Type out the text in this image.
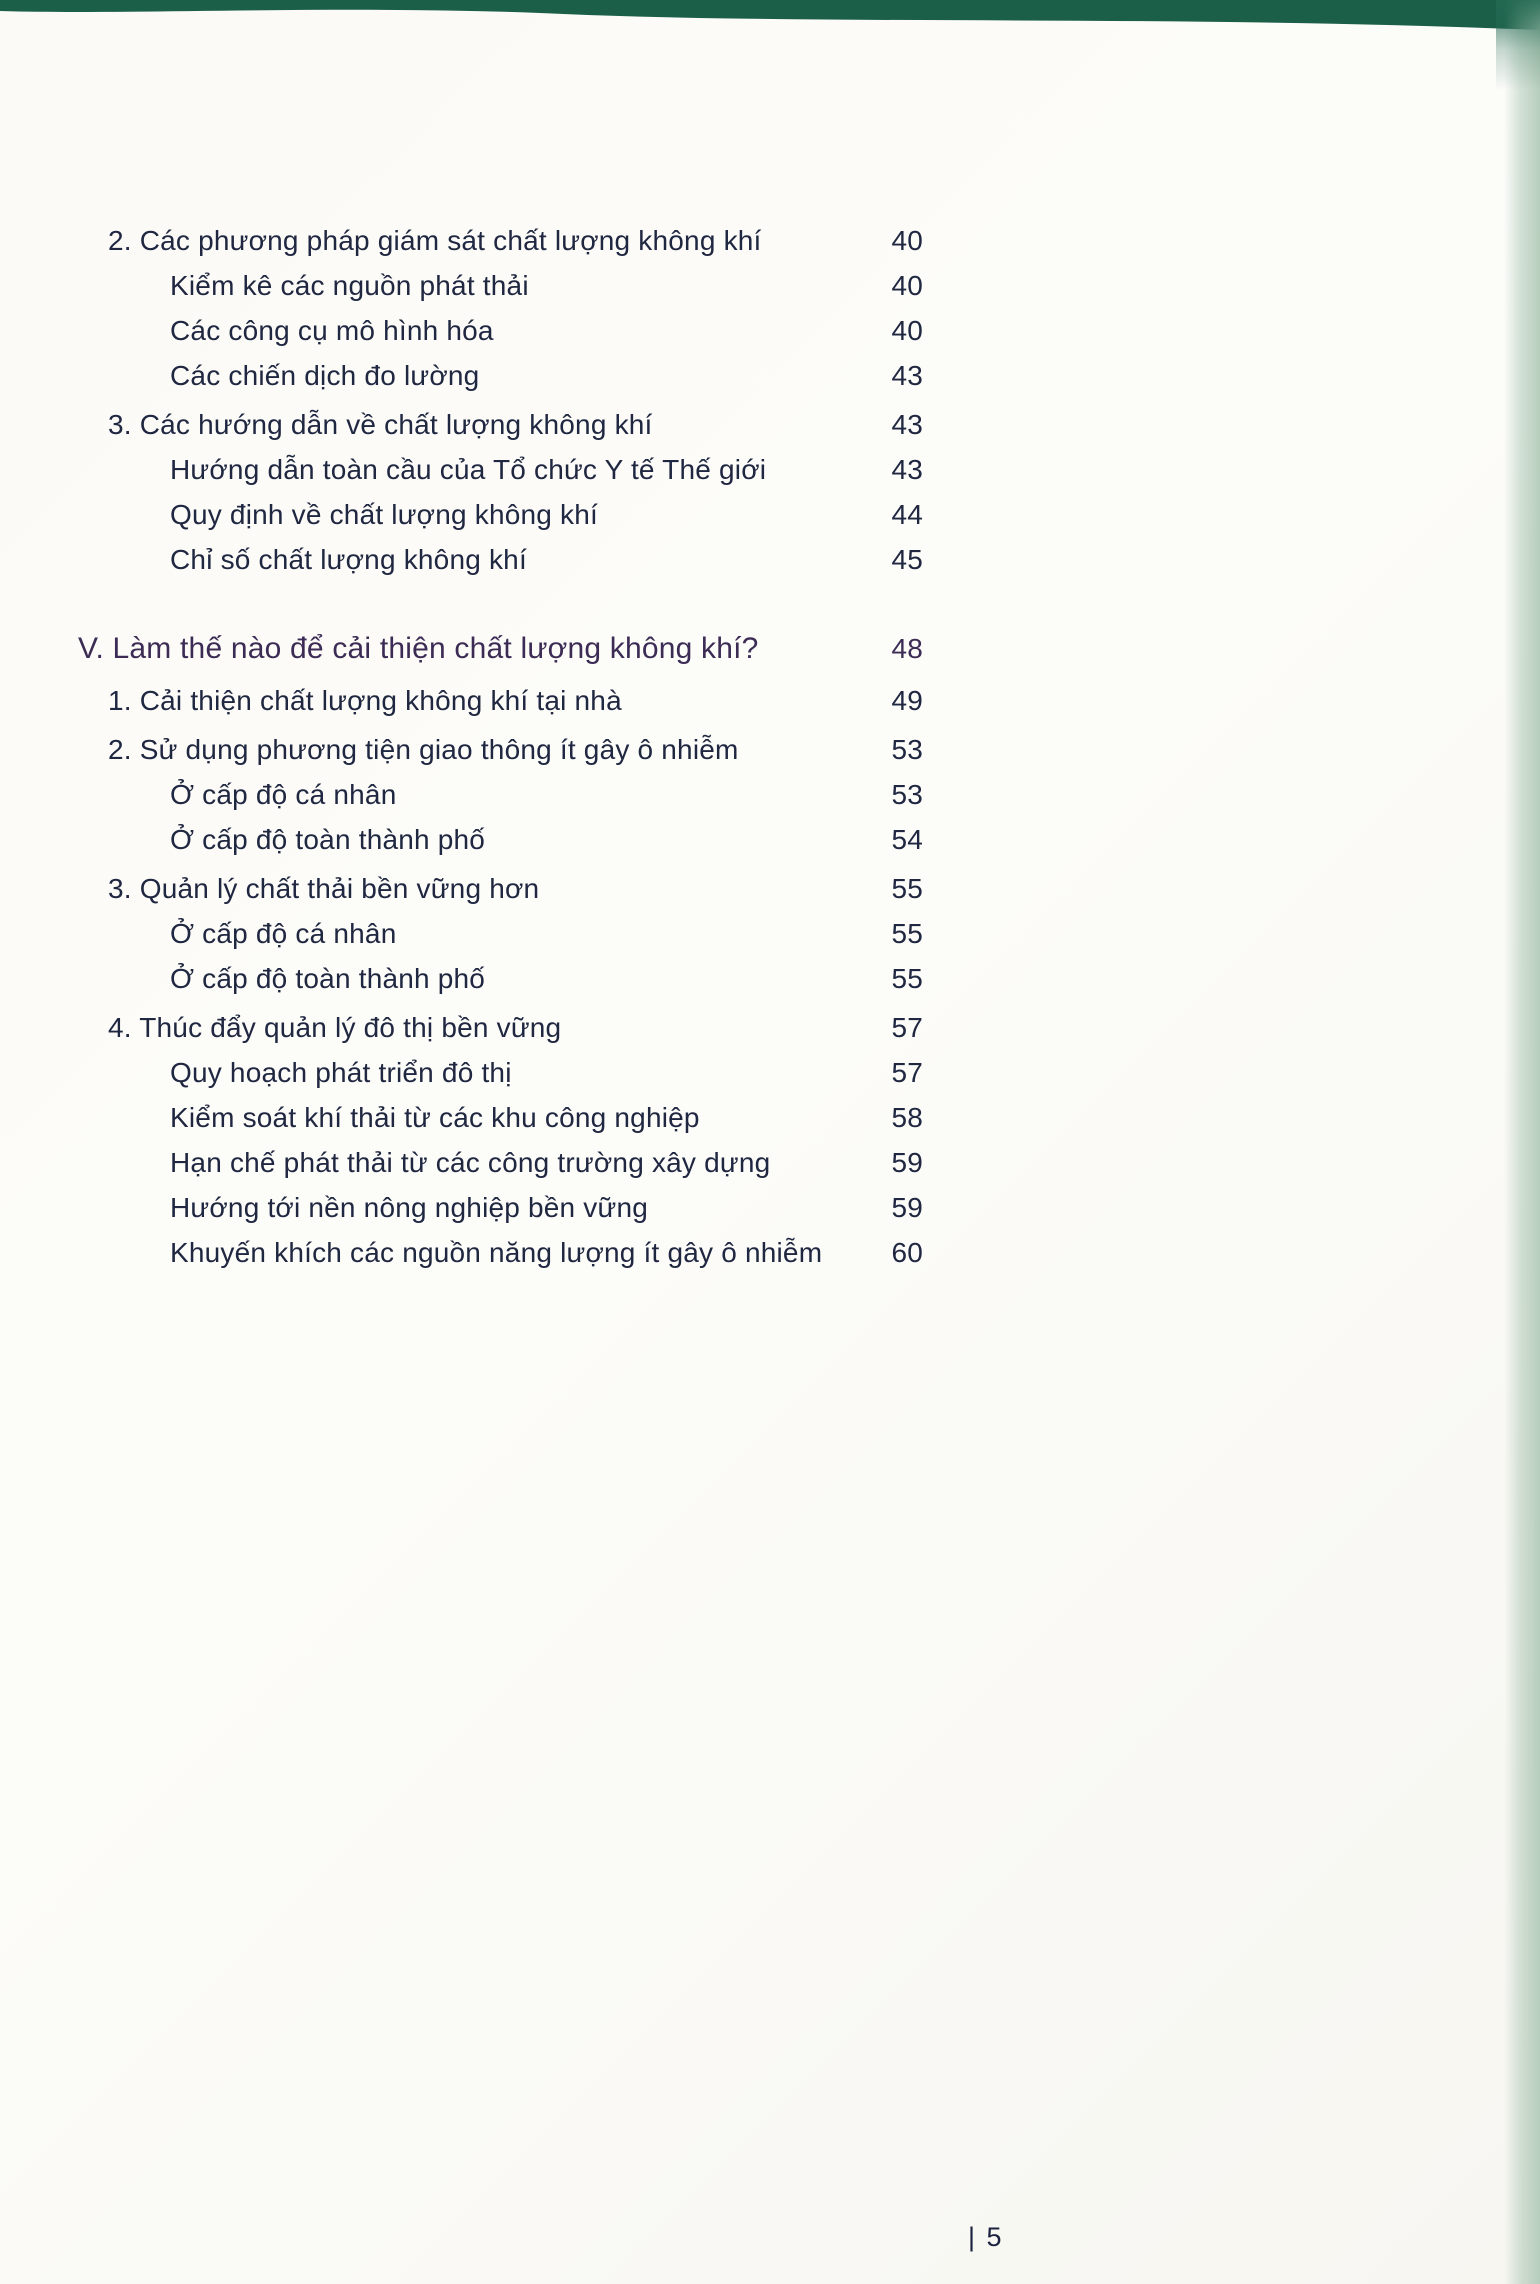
2. Các phương pháp giám sát chất lượng không khí	40
Kiểm kê các nguồn phát thải	40
Các công cụ mô hình hóa	40
Các chiến dịch đo lường	43
3. Các hướng dẫn về chất lượng không khí	43
Hướng dẫn toàn cầu của Tổ chức Y tế Thế giới	43
Quy định về chất lượng không khí	44
Chỉ số chất lượng không khí	45
V. Làm thế nào để cải thiện chất lượng không khí?	48
1. Cải thiện chất lượng không khí tại nhà	49
2. Sử dụng phương tiện giao thông ít gây ô nhiễm	53
Ở cấp độ cá nhân	53
Ở cấp độ toàn thành phố	54
3. Quản lý chất thải bền vững hơn	55
Ở cấp độ cá nhân	55
Ở cấp độ toàn thành phố	55
4. Thúc đẩy quản lý đô thị bền vững	57
Quy hoạch phát triển đô thị	57
Kiểm soát khí thải từ các khu công nghiệp	58
Hạn chế phát thải từ các công trường xây dựng	59
Hướng tới nền nông nghiệp bền vững	59
Khuyến khích các nguồn năng lượng ít gây ô nhiễm	60
| 5
